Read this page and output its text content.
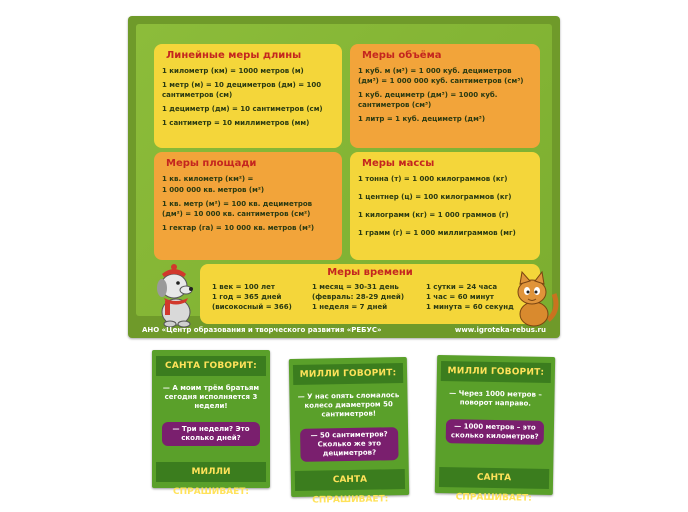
Линейные меры длины
1 километр (км) = 1000 метров (м)
1 метр (м) = 10 дециметров (дм) = 100 сантиметров (см)
1 дециметр (дм) = 10 сантиметров (см)
1 сантиметр = 10 миллиметров (мм)
Меры объёма
1 куб. м (м³) = 1 000 куб. дециметров (дм³) = 1 000 000 куб. сантиметров (см³)
1 куб. дециметр (дм³) = 1000 куб. сантиметров (см³)
1 литр = 1 куб. дециметр (дм³)
Меры площади
1 кв. километр (км²) =
1 000 000 кв. метров (м²)
1 кв. метр (м²) = 100 кв. дециметров (дм²) = 10 000 кв. сантиметров (см²)
1 гектар (га) = 10 000 кв. метров (м²)
Меры массы
1 тонна (т) = 1 000 килограммов (кг)
1 центнер (ц) = 100 килограммов (кг)
1 килограмм (кг) = 1 000 граммов (г)
1 грамм (г) = 1 000 миллиграммов (мг)
Меры времени
1 век = 100 лет
1 год = 365 дней
(високосный = 366)
1 месяц = 30-31 день
(февраль: 28-29 дней)
1 неделя = 7 дней
1 сутки = 24 часа
1 час = 60 минут
1 минута = 60 секунд
АНО «Центр образования и творческого развития «РЕБУС»	www.igroteka-rebus.ru
САНТА ГОВОРИТ:
— А моим трём братьям сегодня исполняется 3 недели!
— Три недели? Это сколько дней?
МИЛЛИ СПРАШИВАЕТ:
МИЛЛИ ГОВОРИТ:
— У нас опять сломалось колесо диаметром 50 сантиметров!
— 50 сантиметров? Сколько же это дециметров?
САНТА СПРАШИВАЕТ:
МИЛЛИ ГОВОРИТ:
— Через 1000 метров – поворот направо.
— 1000 метров – это сколько километров?
САНТА СПРАШИВАЕТ:
